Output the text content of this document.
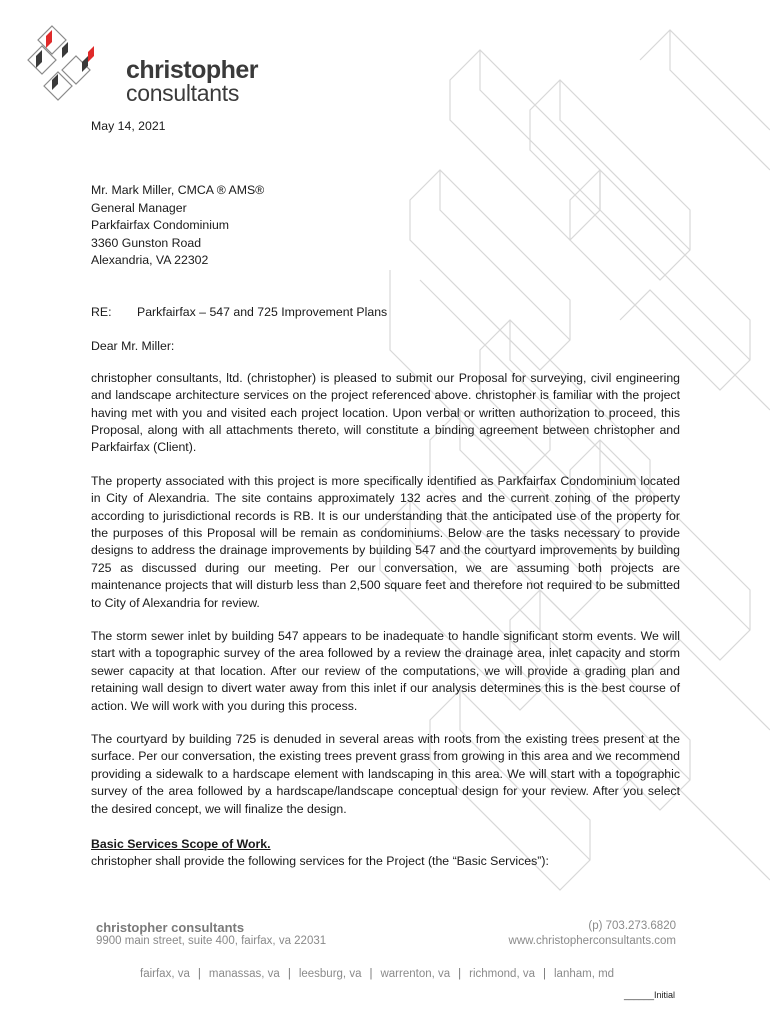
christopher
consultants
May 14, 2021
Mr. Mark Miller, CMCA ® AMS®
General Manager
Parkfairfax Condominium
3360 Gunston Road
Alexandria, VA 22302
RE:	Parkfairfax – 547 and 725 Improvement Plans
Dear Mr. Miller:

christopher consultants, ltd. (christopher) is pleased to submit our Proposal for surveying, civil engineering and landscape architecture services on the project referenced above. christopher is familiar with the project having met with you and visited each project location. Upon verbal or written authorization to proceed, this Proposal, along with all attachments thereto, will constitute a binding agreement between christopher and Parkfairfax (Client).

The property associated with this project is more specifically identified as Parkfairfax Condominium located in City of Alexandria. The site contains approximately 132 acres and the current zoning of the property according to jurisdictional records is RB. It is our understanding that the anticipated use of the property for the purposes of this Proposal will be remain as condominiums. Below are the tasks necessary to provide designs to address the drainage improvements by building 547 and the courtyard improvements by building 725 as discussed during our meeting. Per our conversation, we are assuming both projects are maintenance projects that will disturb less than 2,500 square feet and therefore not required to be submitted to City of Alexandria for review.

The storm sewer inlet by building 547 appears to be inadequate to handle significant storm events. We will start with a topographic survey of the area followed by a review the drainage area, inlet capacity and storm sewer capacity at that location. After our review of the computations, we will provide a grading plan and retaining wall design to divert water away from this inlet if our analysis determines this is the best course of action. We will work with you during this process.

The courtyard by building 725 is denuded in several areas with roots from the existing trees present at the surface. Per our conversation, the existing trees prevent grass from growing in this area and we recommend providing a sidewalk to a hardscape element with landscaping in this area. We will start with a topographic survey of the area followed by a hardscape/landscape conceptual design for your review. After you select the desired concept, we will finalize the design.

Basic Services Scope of Work.
christopher shall provide the following services for the Project (the “Basic Services”):
christopher consultants	(p) 703.273.6820
9900 main street, suite 400, fairfax, va 22031	www.christopherconsultants.com
fairfax, va | manassas, va | leesburg, va | warrenton, va | richmond, va | lanham, md
______Initial
